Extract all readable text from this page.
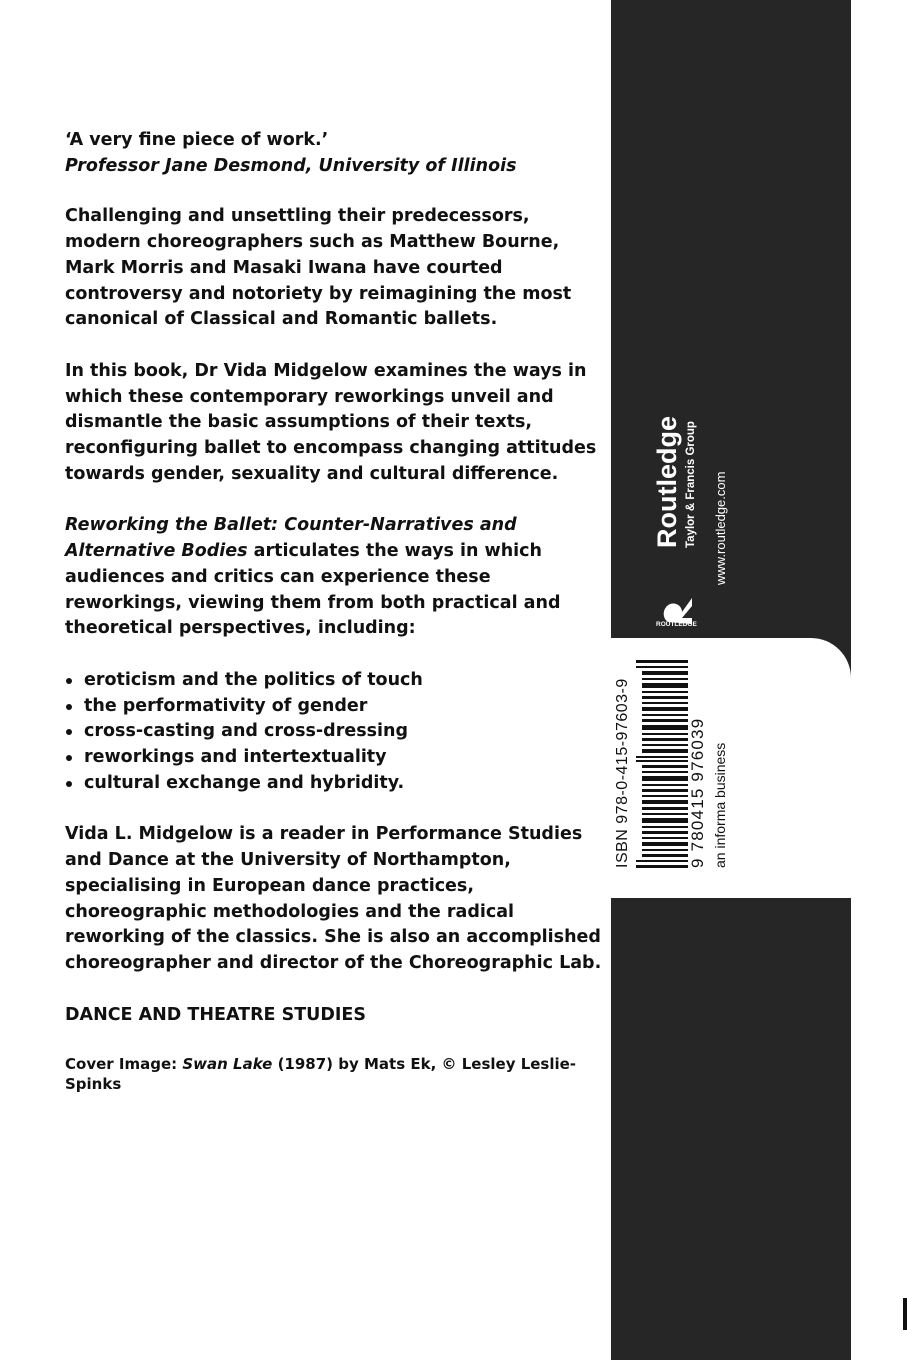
‘A very fine piece of work.’
Professor Jane Desmond, University of Illinois

Challenging and unsettling their predecessors, modern choreographers such as Matthew Bourne, Mark Morris and Masaki Iwana have courted controversy and notoriety by reimagining the most canonical of Classical and Romantic ballets.

In this book, Dr Vida Midgelow examines the ways in which these contemporary reworkings unveil and dismantle the basic assumptions of their texts, reconfiguring ballet to encompass changing attitudes towards gender, sexuality and cultural difference.

Reworking the Ballet: Counter-Narratives and Alternative Bodies articulates the ways in which audiences and critics can experience these reworkings, viewing them from both practical and theoretical perspectives, including:

eroticism and the politics of touch
the performativity of gender
cross-casting and cross-dressing
reworkings and intertextuality
cultural exchange and hybridity.

Vida L. Midgelow is a reader in Performance Studies and Dance at the University of Northampton, specialising in European dance practices, choreographic methodologies and the radical reworking of the classics. She is also an accomplished choreographer and director of the Choreographic Lab.

DANCE AND THEATRE STUDIES

Cover Image: Swan Lake (1987) by Mats Ek, © Lesley Leslie-Spinks

ROUTLEDGE
Routledge Taylor & Francis Group www.routledge.com
ISBN 978-0-415-97603-9	9 780415 976039 an informa business
